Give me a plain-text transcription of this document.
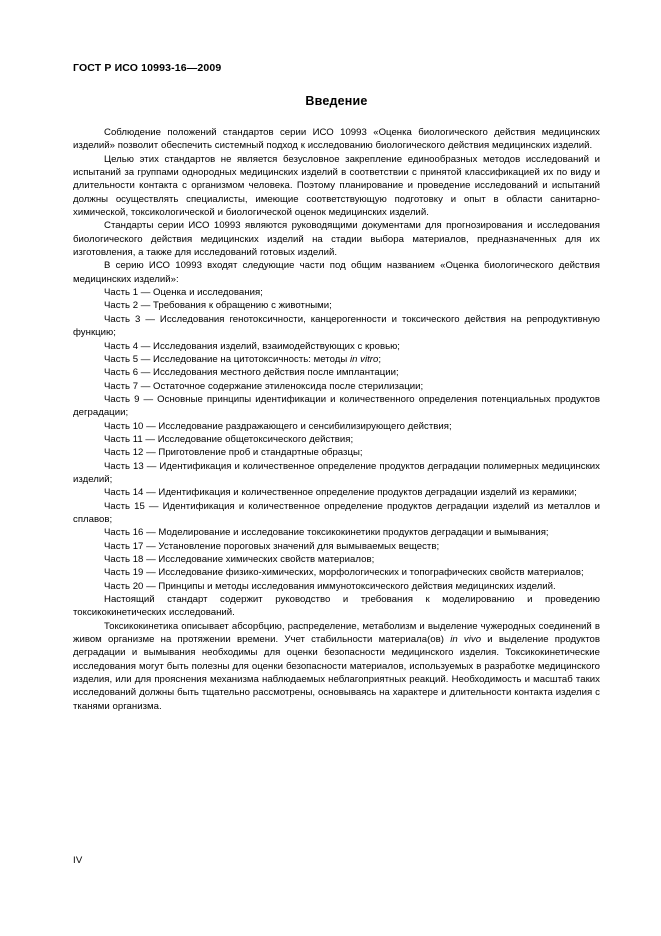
ГОСТ Р ИСО 10993-16—2009
Введение

Соблюдение положений стандартов серии ИСО 10993 «Оценка биологического действия медицинских изделий» позволит обеспечить системный подход к исследованию биологического действия медицинских изделий.

Целью этих стандартов не является безусловное закрепление единообразных методов исследований и испытаний за группами однородных медицинских изделий в соответствии с принятой классификацией их по виду и длительности контакта с организмом человека. Поэтому планирование и проведение исследований и испытаний должны осуществлять специалисты, имеющие соответствующую подготовку и опыт в области санитарно-химической, токсикологической и биологической оценок медицинских изделий.

Стандарты серии ИСО 10993 являются руководящими документами для прогнозирования и исследования биологического действия медицинских изделий на стадии выбора материалов, предназначенных для их изготовления, а также для исследований готовых изделий.

В серию ИСО 10993 входят следующие части под общим названием «Оценка биологического действия медицинских изделий»:

Часть 1 — Оценка и исследования;

Часть 2 — Требования к обращению с животными;

Часть 3 — Исследования генотоксичности, канцерогенности и токсического действия на репродуктивную функцию;

Часть 4 — Исследования изделий, взаимодействующих с кровью;

Часть 5 — Исследование на цитотоксичность: методы in vitro;

Часть 6 — Исследования местного действия после имплантации;

Часть 7 — Остаточное содержание этиленоксида после стерилизации;

Часть 9 — Основные принципы идентификации и количественного определения потенциальных продуктов деградации;

Часть 10 — Исследование раздражающего и сенсибилизирующего действия;

Часть 11 — Исследование общетоксического действия;

Часть 12 — Приготовление проб и стандартные образцы;

Часть 13 — Идентификация и количественное определение продуктов деградации полимерных медицинских изделий;

Часть 14 — Идентификация и количественное определение продуктов деградации изделий из керамики;

Часть 15 — Идентификация и количественное определение продуктов деградации изделий из металлов и сплавов;

Часть 16 — Моделирование и исследование токсикокинетики продуктов деградации и вымывания;

Часть 17 — Установление пороговых значений для вымываемых веществ;

Часть 18 — Исследование химических свойств материалов;

Часть 19 — Исследование физико-химических, морфологических и топографических свойств материалов;

Часть 20 — Принципы и методы исследования иммунотоксического действия медицинских изделий.

Настоящий стандарт содержит руководство и требования к моделированию и проведению токсикокинетических исследований.

Токсикокинетика описывает абсорбцию, распределение, метаболизм и выделение чужеродных соединений в живом организме на протяжении времени. Учет стабильности материала(ов) in vivo и выделение продуктов деградации и вымывания необходимы для оценки безопасности медицинского изделия. Токсикокинетические исследования могут быть полезны для оценки безопасности материалов, используемых в разработке медицинского изделия, или для прояснения механизма наблюдаемых неблагоприятных реакций. Необходимость и масштаб таких исследований должны быть тщательно рассмотрены, основываясь на характере и длительности контакта изделия с тканями организма.

IV
